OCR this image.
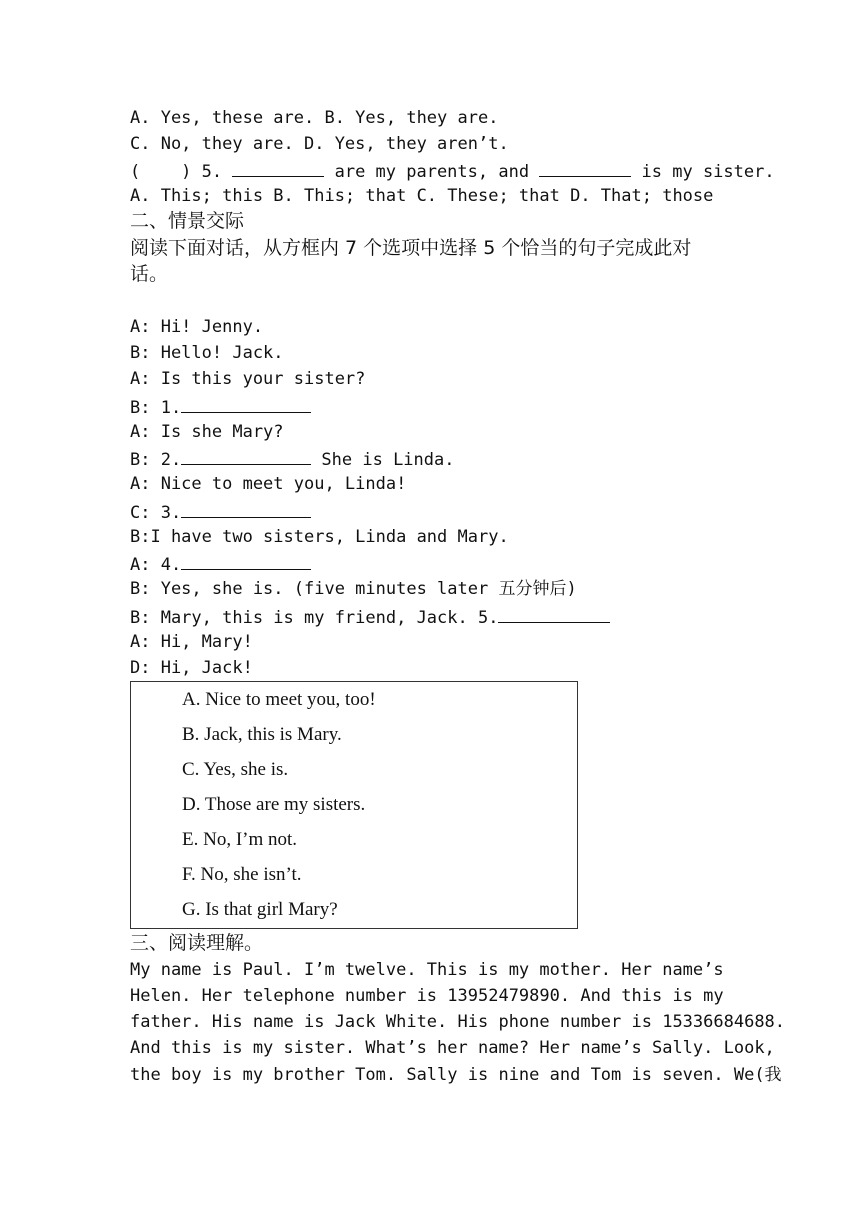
A. Yes, these are. B. Yes, they are.
C. No, they are. D. Yes, they aren’t.
(    ) 5.	are my parents, and	is my sister.
A. This; this B. This; that C. These; that D. That; those
二、情景交际
阅读下面对话，从方框内 7 个选项中选择 5 个恰当的句子完成此对
话。
A: Hi! Jenny.
B: Hello! Jack.
A: Is this your sister?
B: 1.
A: Is she Mary?
B: 2.	She is Linda.
A: Nice to meet you, Linda!
C: 3.
B:I have two sisters, Linda and Mary.
A: 4.
B: Yes, she is. (five minutes later 五分钟后)
B: Mary, this is my friend, Jack. 5.
A: Hi, Mary!
D: Hi, Jack!
A. Nice to meet you, too!
B. Jack, this is Mary.
C. Yes, she is.
D. Those are my sisters.
E. No, I’m not.
F. No, she isn’t.
G. Is that girl Mary?
三、阅读理解。
My name is Paul. I’m twelve. This is my mother. Her name’s
Helen. Her telephone number is 13952479890. And this is my
father. His name is Jack White. His phone number is 15336684688.
And this is my sister. What’s her name? Her name’s Sally. Look,
the boy is my brother Tom. Sally is nine and Tom is seven. We(我
